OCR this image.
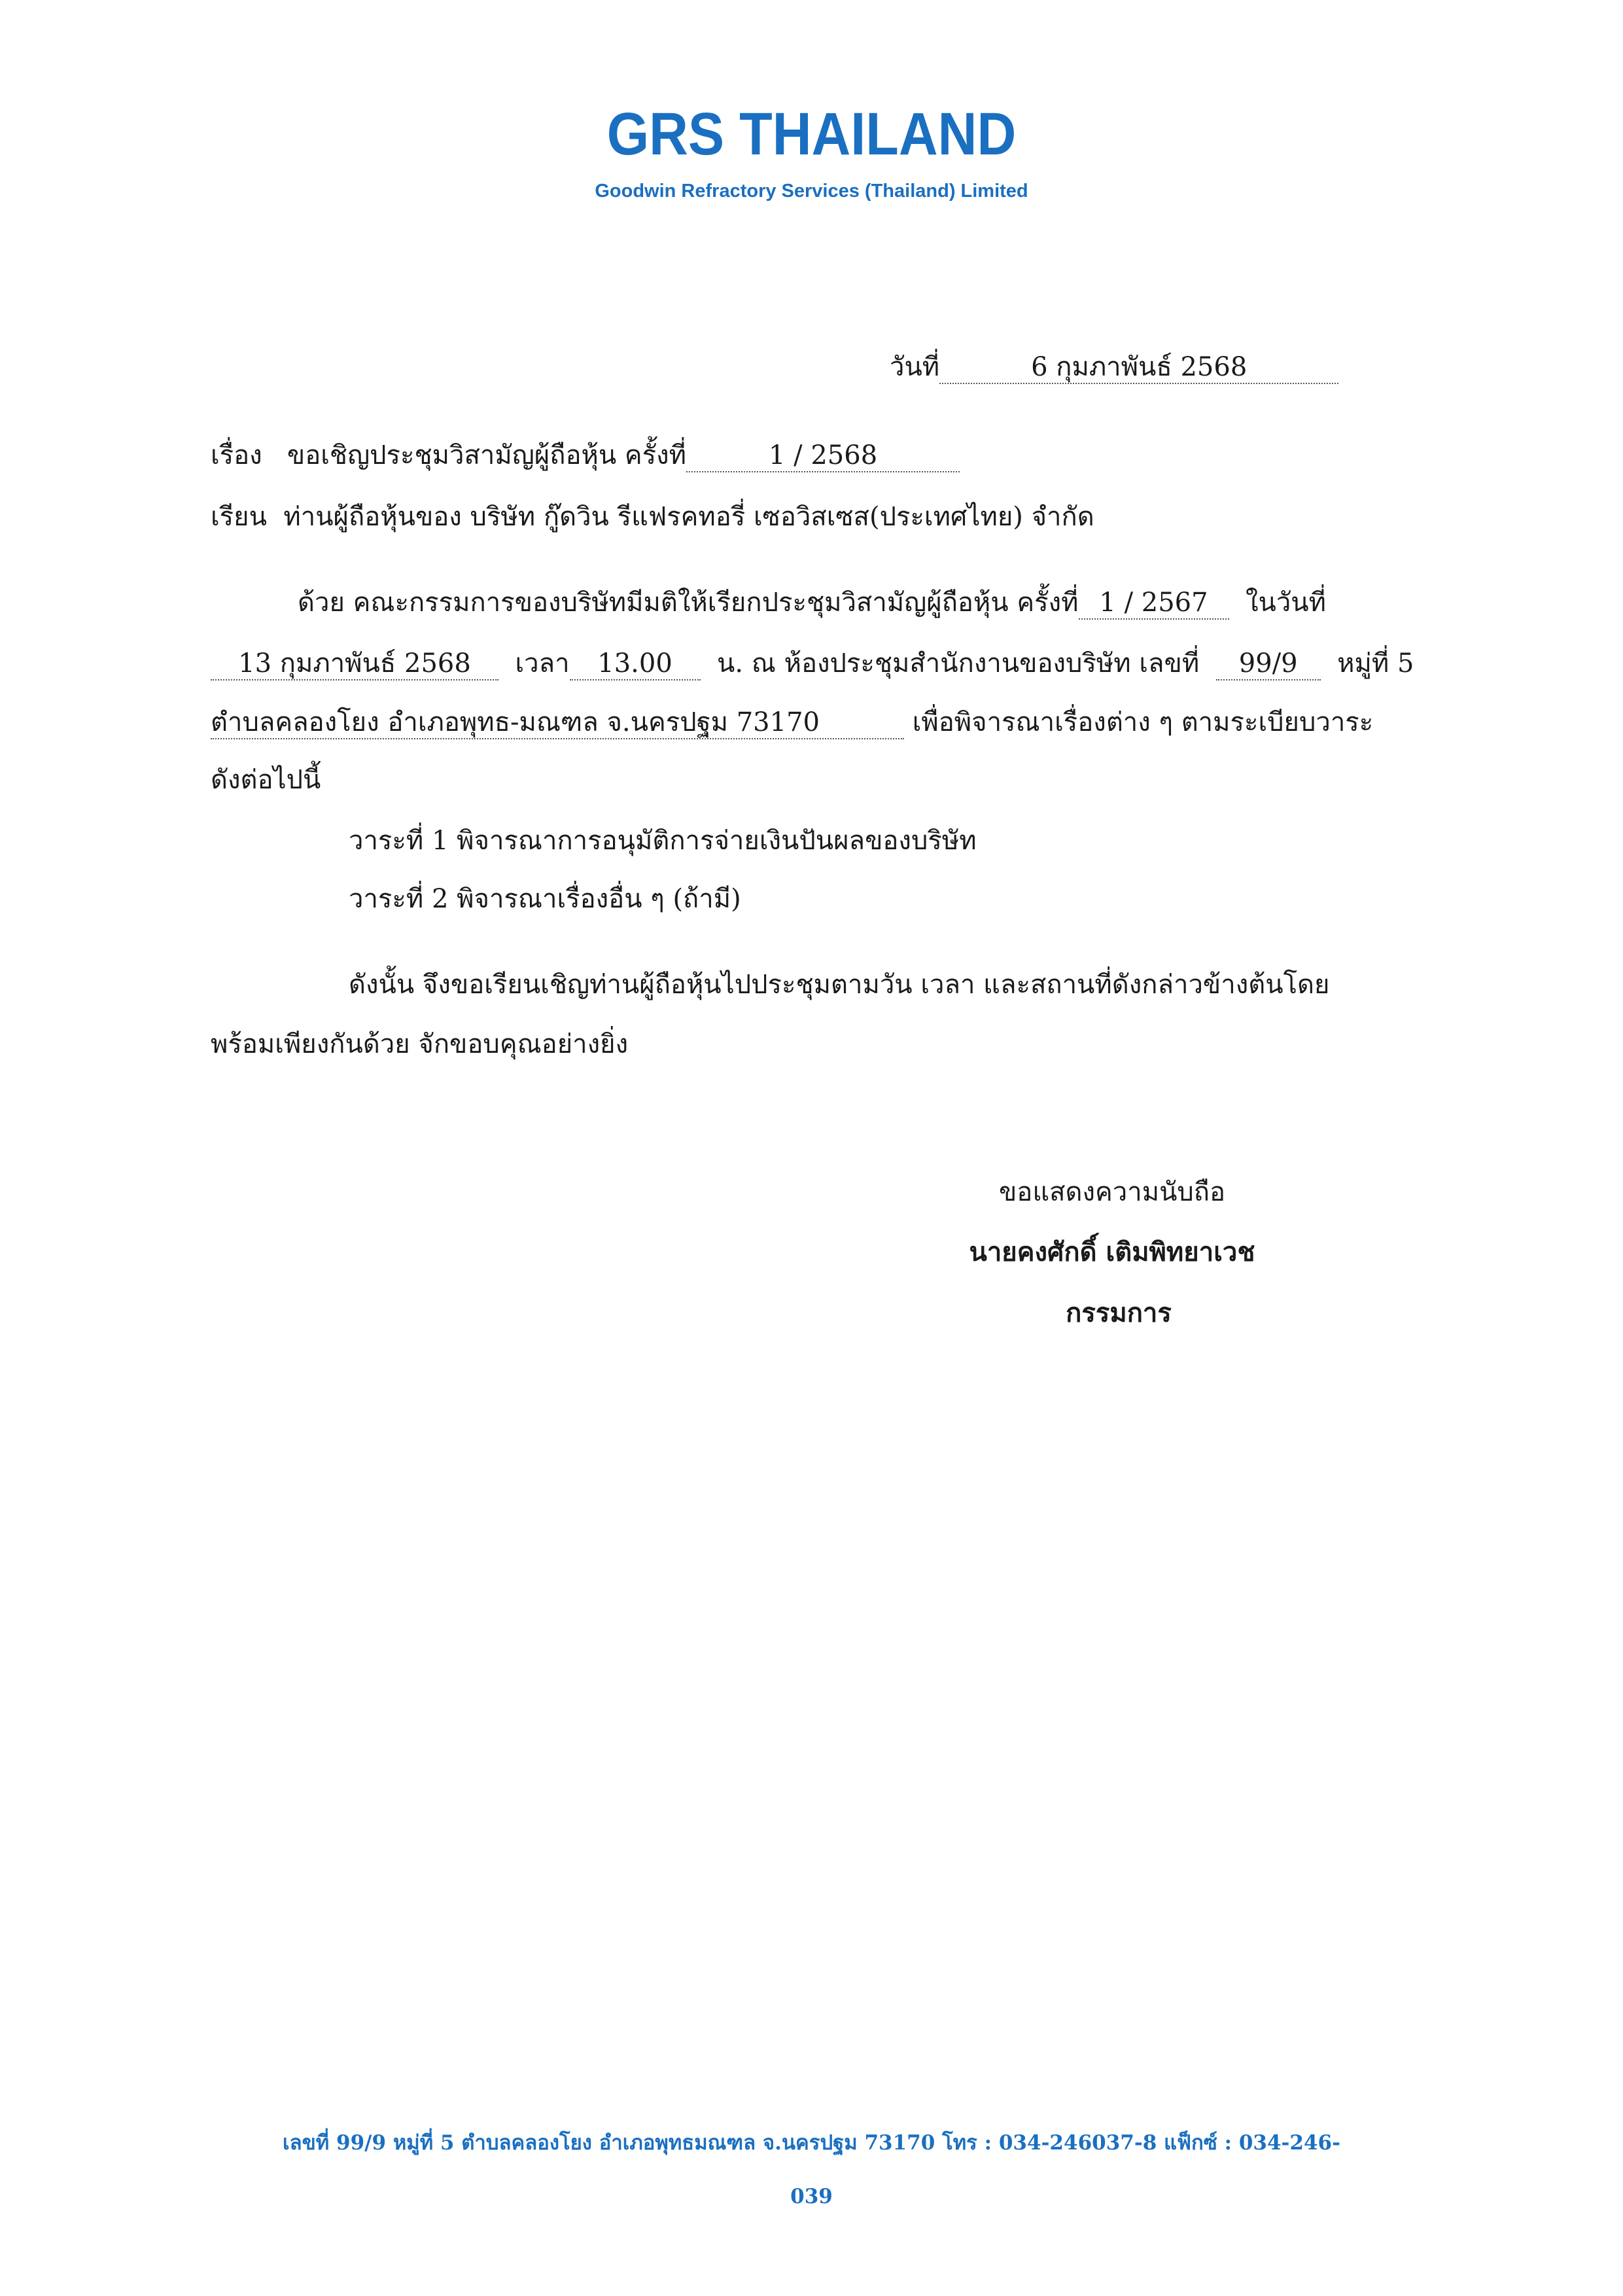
GRS THAILAND
Goodwin Refractory Services (Thailand) Limited
วันที่	6 กุมภาพันธ์ 2568
เรื่อง ขอเชิญประชุมวิสามัญผู้ถือหุ้น ครั้งที่	1 / 2568
เรียน ท่านผู้ถือหุ้นของ บริษัท กู๊ดวิน รีแฟรคทอรี่ เซอวิสเซส(ประเทศไทย) จำกัด
ด้วย คณะกรรมการของบริษัทมีมติให้เรียกประชุมวิสามัญผู้ถือหุ้น ครั้งที่ 1 / 2567 ในวันที่
13 กุมภาพันธ์ 2568 เวลา 13.00 น. ณ ห้องประชุมสำนักงานของบริษัท เลขที่ 99/9 หมู่ที่ 5
ตำบลคลองโยง อำเภอพุทธ-มณฑล จ.นครปฐม 73170	เพื่อพิจารณาเรื่องต่าง ๆ ตามระเบียบวาระ
ดังต่อไปนี้
วาระที่ 1 พิจารณาการอนุมัติการจ่ายเงินปันผลของบริษัท
วาระที่ 2 พิจารณาเรื่องอื่น ๆ (ถ้ามี)
ดังนั้น จึงขอเรียนเชิญท่านผู้ถือหุ้นไปประชุมตามวัน เวลา และสถานที่ดังกล่าวข้างต้นโดย
พร้อมเพียงกันด้วย จักขอบคุณอย่างยิ่ง
ขอแสดงความนับถือ
นายคงศักดิ์ เติมพิทยาเวช
กรรมการ
เลขที่ 99/9 หมู่ที่ 5 ตำบลคลองโยง อำเภอพุทธมณฑล จ.นครปฐม 73170 โทร : 034-246037-8 แฟ็กซ์ : 034-246-
039
